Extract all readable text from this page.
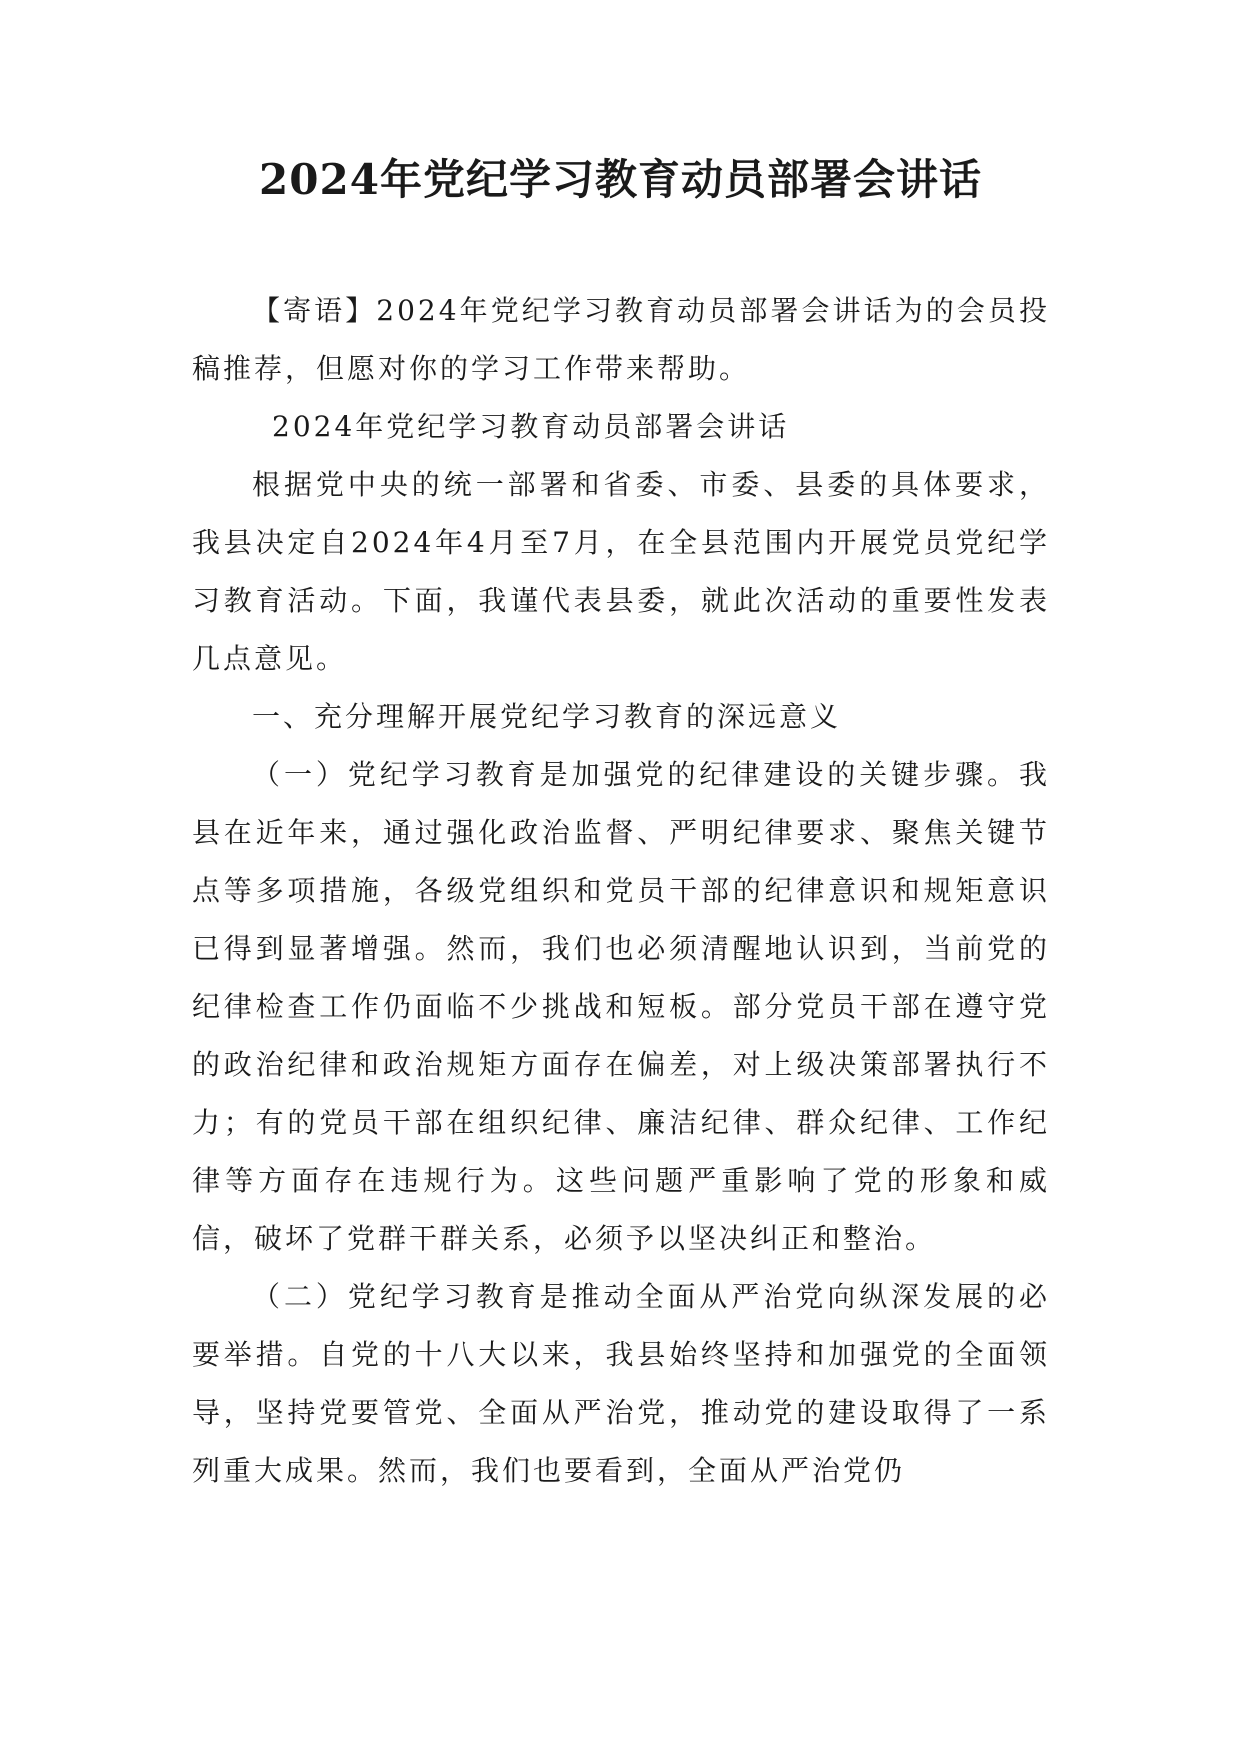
2024年党纪学习教育动员部署会讲话

【寄语】2024年党纪学习教育动员部署会讲话为的会员投稿推荐，但愿对你的学习工作带来帮助。

2024年党纪学习教育动员部署会讲话

根据党中央的统一部署和省委、市委、县委的具体要求，我县决定自2024年4月至7月，在全县范围内开展党员党纪学习教育活动。下面，我谨代表县委，就此次活动的重要性发表几点意见。

一、充分理解开展党纪学习教育的深远意义

（一）党纪学习教育是加强党的纪律建设的关键步骤。我县在近年来，通过强化政治监督、严明纪律要求、聚焦关键节点等多项措施，各级党组织和党员干部的纪律意识和规矩意识已得到显著增强。然而，我们也必须清醒地认识到，当前党的纪律检查工作仍面临不少挑战和短板。部分党员干部在遵守党的政治纪律和政治规矩方面存在偏差，对上级决策部署执行不力；有的党员干部在组织纪律、廉洁纪律、群众纪律、工作纪律等方面存在违规行为。这些问题严重影响了党的形象和威信，破坏了党群干群关系，必须予以坚决纠正和整治。

（二）党纪学习教育是推动全面从严治党向纵深发展的必要举措。自党的十八大以来，我县始终坚持和加强党的全面领导，坚持党要管党、全面从严治党，推动党的建设取得了一系列重大成果。然而，我们也要看到，全面从严治党仍
